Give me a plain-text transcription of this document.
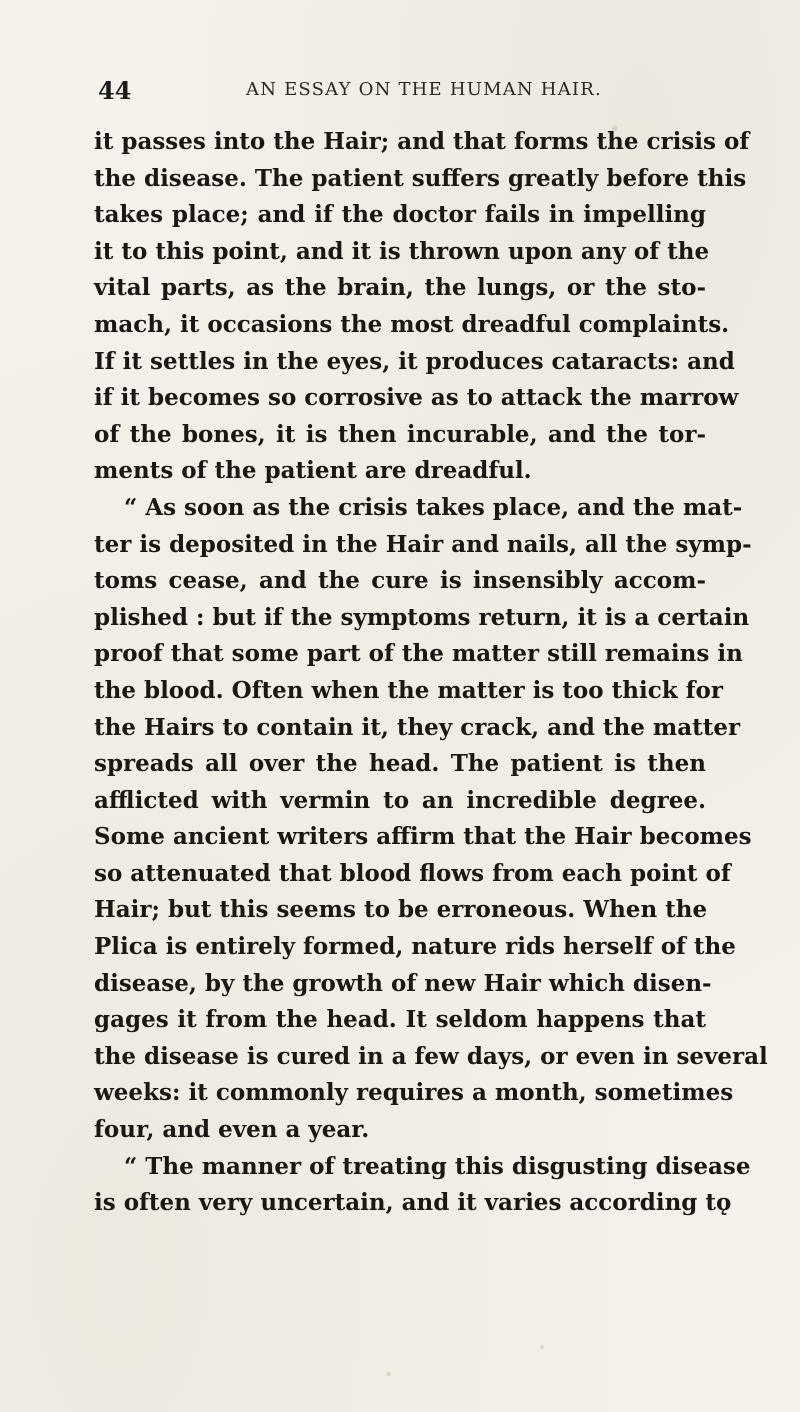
44	AN ESSAY ON THE HUMAN HAIR.
it passes into the Hair; and that forms the crisis of
the disease. The patient suffers greatly before this
takes place; and if the doctor fails in impelling
it to this point, and it is thrown upon any of the
vital parts, as the brain, the lungs, or the sto-
mach, it occasions the most dreadful complaints.
If it settles in the eyes, it produces cataracts: and
if it becomes so corrosive as to attack the marrow
of the bones, it is then incurable, and the tor-
ments of the patient are dreadful.
“ As soon as the crisis takes place, and the mat-
ter is deposited in the Hair and nails, all the symp-
toms cease, and the cure is insensibly accom-
plished : but if the symptoms return, it is a certain
proof that some part of the matter still remains in
the blood. Often when the matter is too thick for
the Hairs to contain it, they crack, and the matter
spreads all over the head. The patient is then
afflicted with vermin to an incredible degree.
Some ancient writers affirm that the Hair becomes
so attenuated that blood flows from each point of
Hair; but this seems to be erroneous. When the
Plica is entirely formed, nature rids herself of the
disease, by the growth of new Hair which disen-
gages it from the head. It seldom happens that
the disease is cured in a few days, or even in several
weeks: it commonly requires a month, sometimes
four, and even a year.
“ The manner of treating this disgusting disease
is often very uncertain, and it varies according tǫ
